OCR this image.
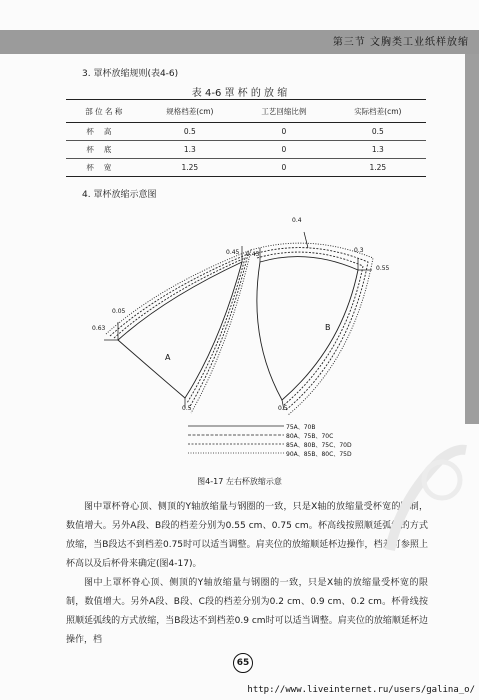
第三节 文胸类工业纸样放缩
3. 罩杯放缩规则(表4-6)
表 4-6 罩 杯 的 放 缩
部 位 名 称	规格档差(cm)	工艺回缩比例	实际档差(cm)
杯高	0.5	0	0.5
杯底	1.3	0	1.3
杯宽	1.25	0	1.25
4. 罩杯放缩示意图
0.45
0.05
0.63
0.5
A
0.45
0.4
0.3
0.55
0.5
B
75A、70B
80A、75B、70C
85A、80B、75C、70D
90A、85B、80C、75D
图4-17 左右杯放缩示意
图中罩杯脊心顶、侧顶的Y轴放缩量与钢圈的一致，只是X轴的放缩量受杯宽的限制，数值增大。另外A段、B段的档差分别为0.55 cm、0.75 cm。杯高线按照顺延弧线的方式放缩，当B段达不到档差0.75时可以适当调整。肩夹位的放缩顺延杯边操作，档差可参照上杯高以及后杯骨来确定(图4-17)。
图中上罩杯脊心顶、侧顶的Y轴放缩量与钢圈的一致，只是X轴的放缩量受杯宽的限制，数值增大。另外A段、B段、C段的档差分别为0.2 cm、0.9 cm、0.2 cm。杯骨线按照顺延弧线的方式放缩，当B段达不到档差0.9 cm时可以适当调整。肩夹位的放缩顺延杯边操作，档
65
http://www.liveinternet.ru/users/galina_o/
